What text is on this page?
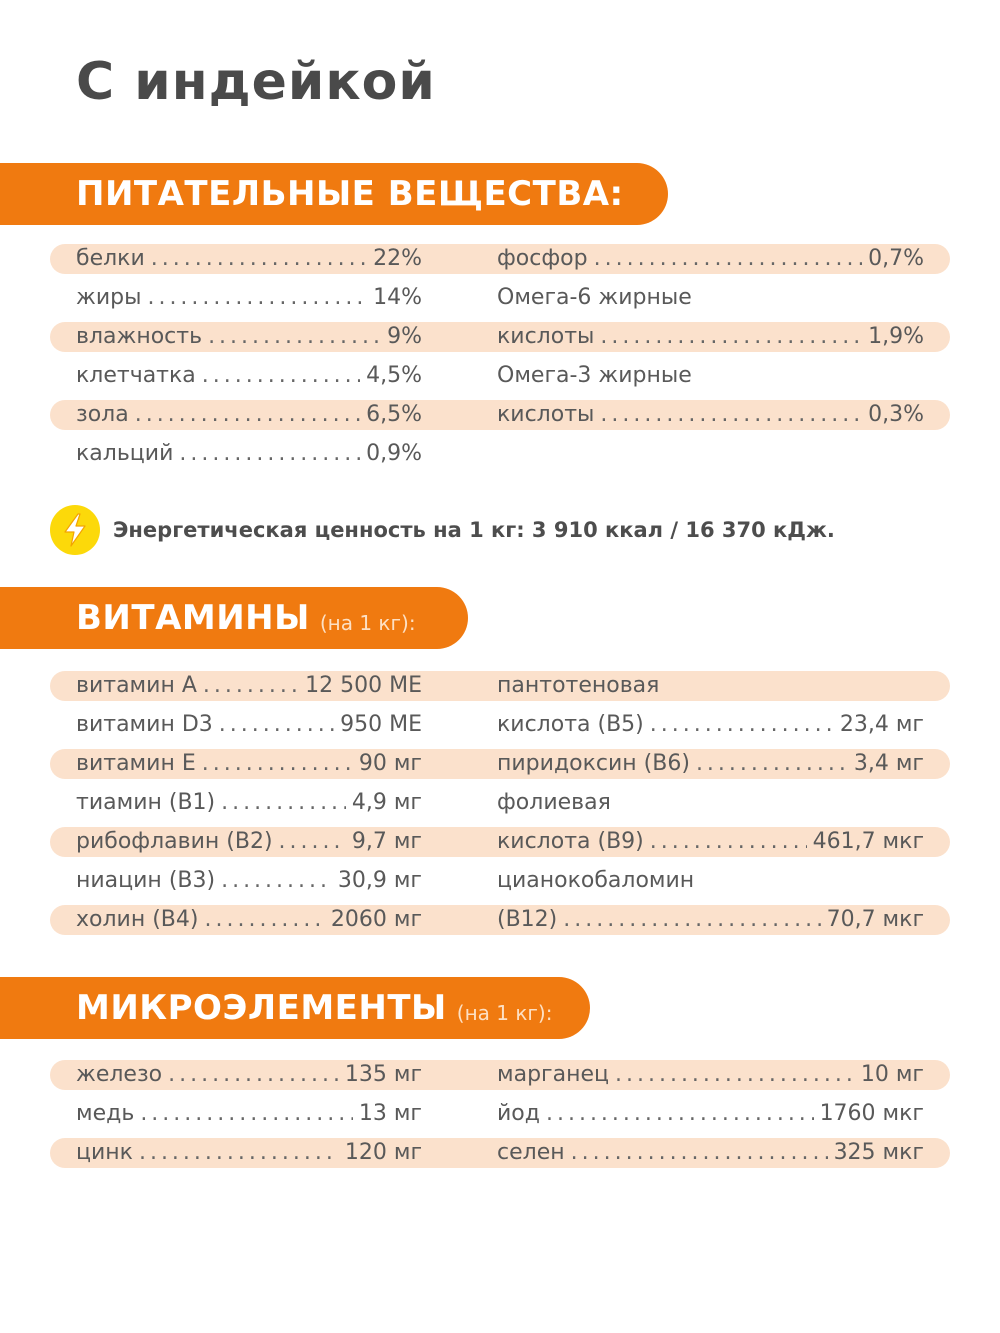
С индейкой
ПИТАТЕЛЬНЫЕ ВЕЩЕСТВА:
белки .....	22%
жиры .....	14%
влажность .....	9%
клетчатка .....	4,5%
зола .....	6,5%
кальций .....	0,9%
фосфор .....	0,7%
Омега-6 жирные
кислоты .....	1,9%
Омега-3 жирные
кислоты .....	0,3%
Энергетическая ценность на 1 кг: 3 910 ккал / 16 370 кДж.
ВИТАМИНЫ (на 1 кг):
витамин A .....	12 500 МЕ
витамин D3 .....	950 МЕ
витамин E .....	90 мг
тиамин (B1) .....	4,9 мг
рибофлавин (B2) .....	9,7 мг
ниацин (B3) .....	30,9 мг
холин (B4) .....	2060 мг
пантотеновая
кислота (B5) .....	23,4 мг
пиридоксин (B6) .....	3,4 мг
фолиевая
кислота (B9) .....	461,7 мкг
цианокобаломин
(B12) .....	70,7 мкг
МИКРОЭЛЕМЕНТЫ (на 1 кг):
железо .....	135 мг
медь .....	13 мг
цинк .....	120 мг
марганец .....	10 мг
йод .....	1760 мкг
селен .....	325 мкг
